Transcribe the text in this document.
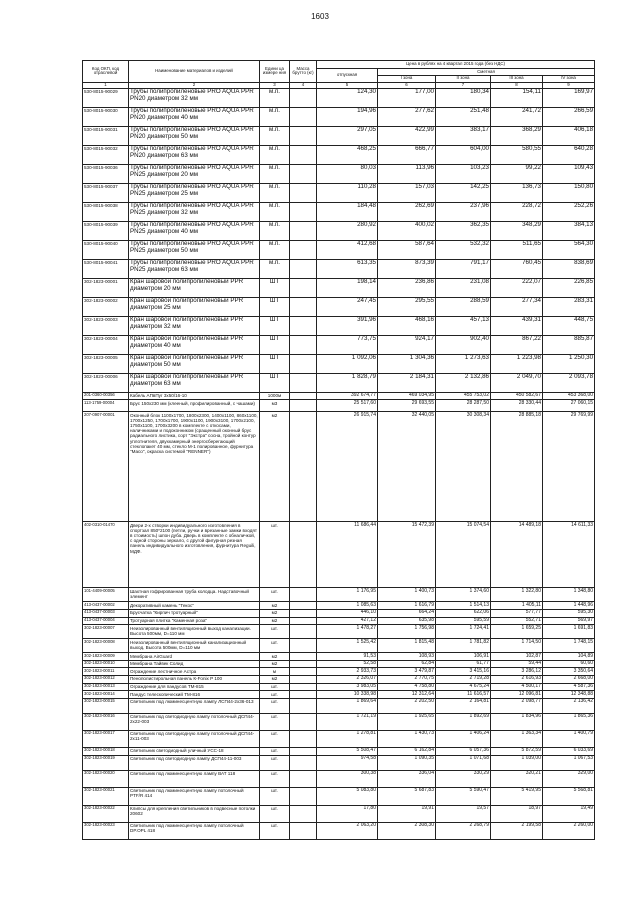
1603
Код ОКП, код отраслевой	Наименование материалов и изделий	Едини ца измере ния	Масса брутто (кг)	Цена в рублях на 4 квартал 2015 года (без НДС)				
				отпускная	Сметная			
					I зона	II зона	III зона	IV зона
1	2	3	4	5	6	7	8	9
530-8015-90029	Трубы полипропиленовые PRO AQUA PPR PN20 диаметром 32 мм	м.п.		124,30	177,00	180,34	154,11	169,97
530-8015-90030	Трубы полипропиленовые PRO AQUA PPR PN20 диаметром 40 мм	м.п.		194,96	277,62	251,48	241,72	266,59
530-8015-90031	Трубы полипропиленовые PRO AQUA PPR PN20 диаметром 50 мм	м.п.		297,05	422,99	383,17	368,29	406,18
530-8015-90032	Трубы полипропиленовые PRO AQUA PPR PN20 диаметром 63 мм	м.п.		468,25	666,77	604,00	580,55	640,28
530-8015-90036	Трубы полипропиленовые PRO AQUA PPR PN25 диаметром 20 мм	м.п.		80,03	113,96	103,23	99,22	109,43
530-8015-90037	Трубы полипропиленовые PRO AQUA PPR PN25 диаметром 25 мм	м.п.		110,28	157,03	142,25	136,73	150,80
530-8015-90038	Трубы полипропиленовые PRO AQUA PPR PN25 диаметром 32 мм	м.п.		184,48	262,69	237,96	228,72	252,26
530-8015-90039	Трубы полипропиленовые PRO AQUA PPR PN25 диаметром 40 мм	м.п.		280,92	400,02	362,35	348,29	384,13
530-8015-90040	Трубы полипропиленовые PRO AQUA PPR PN25 диаметром 50 мм	м.п.		412,68	587,64	532,32	511,65	564,30
530-8015-90041	Трубы полипропиленовые PRO AQUA PPR PN25 диаметром 63 мм	м.п.		613,35	873,39	791,17	760,45	838,69
302-1823-00001	Кран шаровой полипропиленовый PPR диаметром 20 мм	ШТ		198,14	236,86	231,08	222,07	226,85
302-1823-00002	Кран шаровой полипропиленовый PPR диаметром 25 мм	ШТ		247,45	295,55	288,59	277,34	283,31
302-1823-00003	Кран шаровой полипропиленовый PPR диаметром 32 мм	ШТ		391,96	468,16	457,13	439,31	448,75
302-1823-00004	Кран шаровой полипропиленовый PPR диаметром 40 мм	ШТ		773,75	924,17	902,40	867,22	885,87
302-1823-00005	Кран шаровой полипропиленовый PPR диаметром 50 мм	ШТ		1 092,06	1 304,36	1 273,63	1 223,98	1 250,30
302-1823-00006	Кран шаровой полипропиленовый PPR диаметром 63 мм	ШТ		1 828,79	2 184,31	2 132,86	2 049,70	2 093,78
201-0360-00356	Кабель АПвПуг 3х50/16-10	1000м		392 674,77	469 034,95	455 753,02	450 582,67	453 368,00
113-1759-00004	Брус 150х230 мм (клееный, профилированный, с чашами)	м3		25 517,60	29 693,55	28 287,50	28 330,44	27 060,15
207-0907-00001	Оконный блок 1100х1700, 1800х2300, 1400х1100, 860х1100, 1700х1250, 1700х1700, 1900х1100, 1900х3100, 1700х2100, 1750х1100, 1700х3200 в комплекте с откосами, наличниками и подоконником (сращенный оконный брус радиального листика, сорт "Экстра" сосна, тройной контур уплотнителя, двухкамерный энергосберегающий стеклопакет 40 мм, стекло М-1 полированное, фурнитура "Maco", окраска системой "RENNER")	м2		26 915,74	32 440,05	30 308,34	28 885,18	29 769,99
402-0310-01470	Двери 2-х створки индивидуального изготовления в спортзал 850*2100 (петли, ручки и врезанные замки входят в стоимость) шпон дуба. Дверь в комплекте с обналичкой, с одной стороны зеркало, с другой фигурная резная панель индивидуального изготовления, фурнитура Reguili, МДФ.	шт.		11 686,44	15 472,39	15 074,54	14 489,18	14 611,33
101-4409-00005	Шахтная гофрированная труба колодца. Надставочный элемент	шт.		1 176,95	1 400,73	1 374,60	1 322,80	1 348,80
413-0437-00002	Декоративный камень "Текос"	м2		1 085,63	1 616,79	1 514,13	1 405,11	1 448,96
413-0437-00003	Брусчатка "Кирпич тротуарный"	м2		446,10	664,24	622,06	577,77	595,30
413-0437-00004	Тротуарная плитка "Каменная роза"	м2		427,12	635,98	595,59	552,71	569,97
302-1823-00007	Неизолированный вентиляционный выход канализации. Высота 500мм, D=110 мм	шт.		1 478,27	1 756,98	1 724,41	1 659,25	1 691,83
302-1823-00008	Неизолированный вентиляционный канализационный выход. Высота 500мм, D=110 мм	шт.		1 525,42	1 815,48	1 781,82	1 714,50	1 748,15
302-1823-00009	Мембрана AirGuard	м2		91,53	108,93	106,91	102,87	104,89
302-1823-00010	Мембрана Тайвек Солид	м2		52,58	62,84	61,77	59,44	60,60
302-1823-00011	Ограждение лестничное Астра	м		2 933,73	3 479,87	3 415,16	3 286,12	3 350,64
302-1823-00012	Пенополистирольная панель К-Fonix P 100	м2		2 326,07	2 770,75	2 719,28	2 616,93	2 668,00
302-1823-00013	Ограждение для пандусов ТМ-815	шт.		3 983,05	4 758,80	4 675,24	4 500,17	4 587,36
302-1823-00014	Пандус телескопический ТМ-816	шт.		10 338,98	12 312,64	11 616,57	12 096,81	12 348,88
302-1823-00015	Светильник под люминесцентную лампу ЛСП44-2х36-013	шт.		1 869,64	2 202,50	2 164,81	2 098,77	2 136,42
302-1823-00016	Светильник под светодиодную лампу потолочный ДСП44-2х22-003	шт.		1 721,19	1 925,65	1 892,69	1 834,96	1 865,36
302-1823-00017	Светильник под светодиодную лампу потолочный ДСП44-2х11-003	шт.		1 278,81	1 430,73	1 406,24	1 363,34	1 400,79
302-1823-00018	Светильник светодиодный уличный УСС-18	шт.		5 508,47	6 162,84	6 057,36	5 872,59	6 033,69
302-1823-00019	Светильник под светодиодную лампу ДСП44-11-003	шт.		974,58	1 090,35	1 071,68	1 039,00	1 067,53
302-1823-00020	Светильник под люминесцентную лампу ВАТ 118	шт.		300,38	336,04	330,29	320,21	329,00
302-1823-00021	Светильник под люминесцентную лампу потолочный PTF/R 414	шт.		5 083,80	5 687,83	5 590,47	5 419,95	5 568,81
302-1823-00022	Клипсы для крепления светильников в подвесные потолки 20602	шт.		17,80	19,91	19,57	18,97	19,49
302-1823-00023	Светильник под люминесцентную лампу потолочный DP.OPL 418	шт.		2 063,20	2 308,30	2 268,79	2 199,58	2 260,00
